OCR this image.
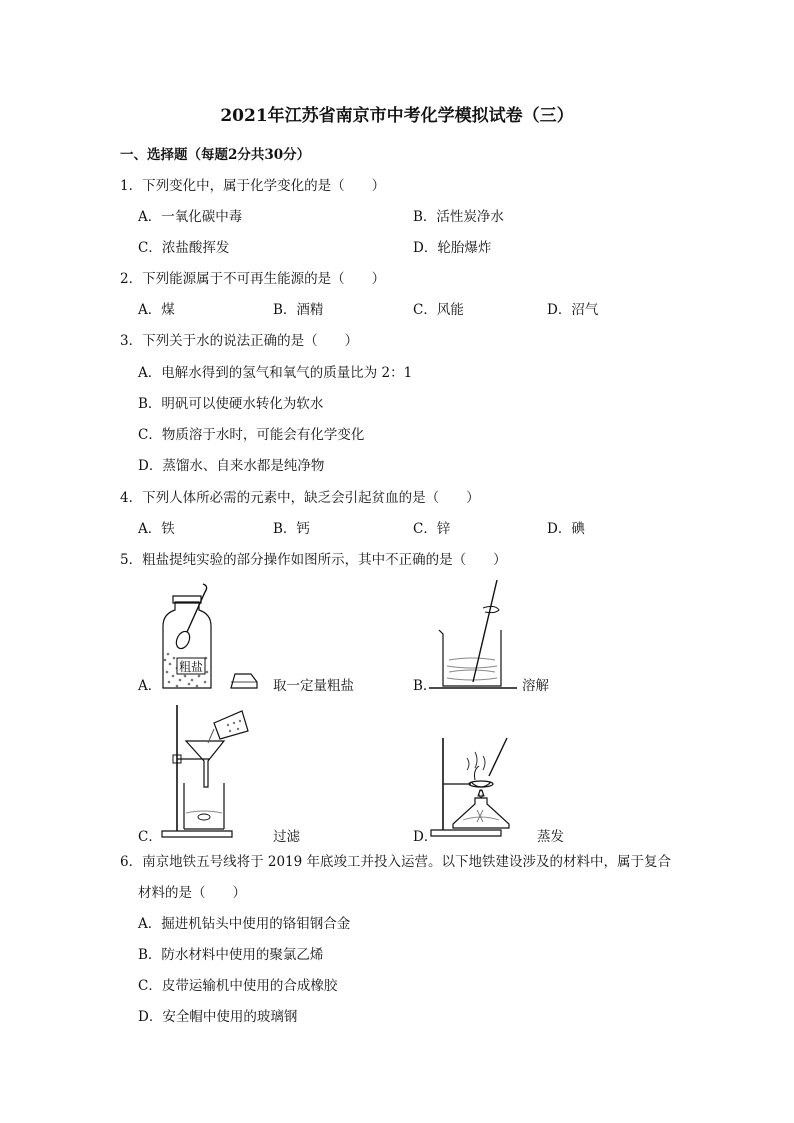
2021年江苏省南京市中考化学模拟试卷（三）
一、选择题（每题2分共30分）
1．下列变化中，属于化学变化的是（　　）
A．一氧化碳中毒	B．活性炭净水
C．浓盐酸挥发	D．轮胎爆炸
2．下列能源属于不可再生能源的是（　　）
A．煤	B．酒精	C．风能	D．沼气
3．下列关于水的说法正确的是（　　）
A．电解水得到的氢气和氧气的质量比为 2：1
B．明矾可以使硬水转化为软水
C．物质溶于水时，可能会有化学变化
D．蒸馏水、自来水都是纯净物
4．下列人体所必需的元素中，缺乏会引起贫血的是（　　）
A．铁	B．钙	C．锌	D．碘
5．粗盐提纯实验的部分操作如图所示，其中不正确的是（　　）
粗盐
A．	取一定量粗盐	B．	溶解
C．	过滤	D．	蒸发
6．南京地铁五号线将于 2019 年底竣工并投入运营。以下地铁建设涉及的材料中，属于复合
材料的是（　　）
A．掘进机钻头中使用的铬钼钢合金
B．防水材料中使用的聚氯乙烯
C．皮带运输机中使用的合成橡胶
D．安全帽中使用的玻璃钢
